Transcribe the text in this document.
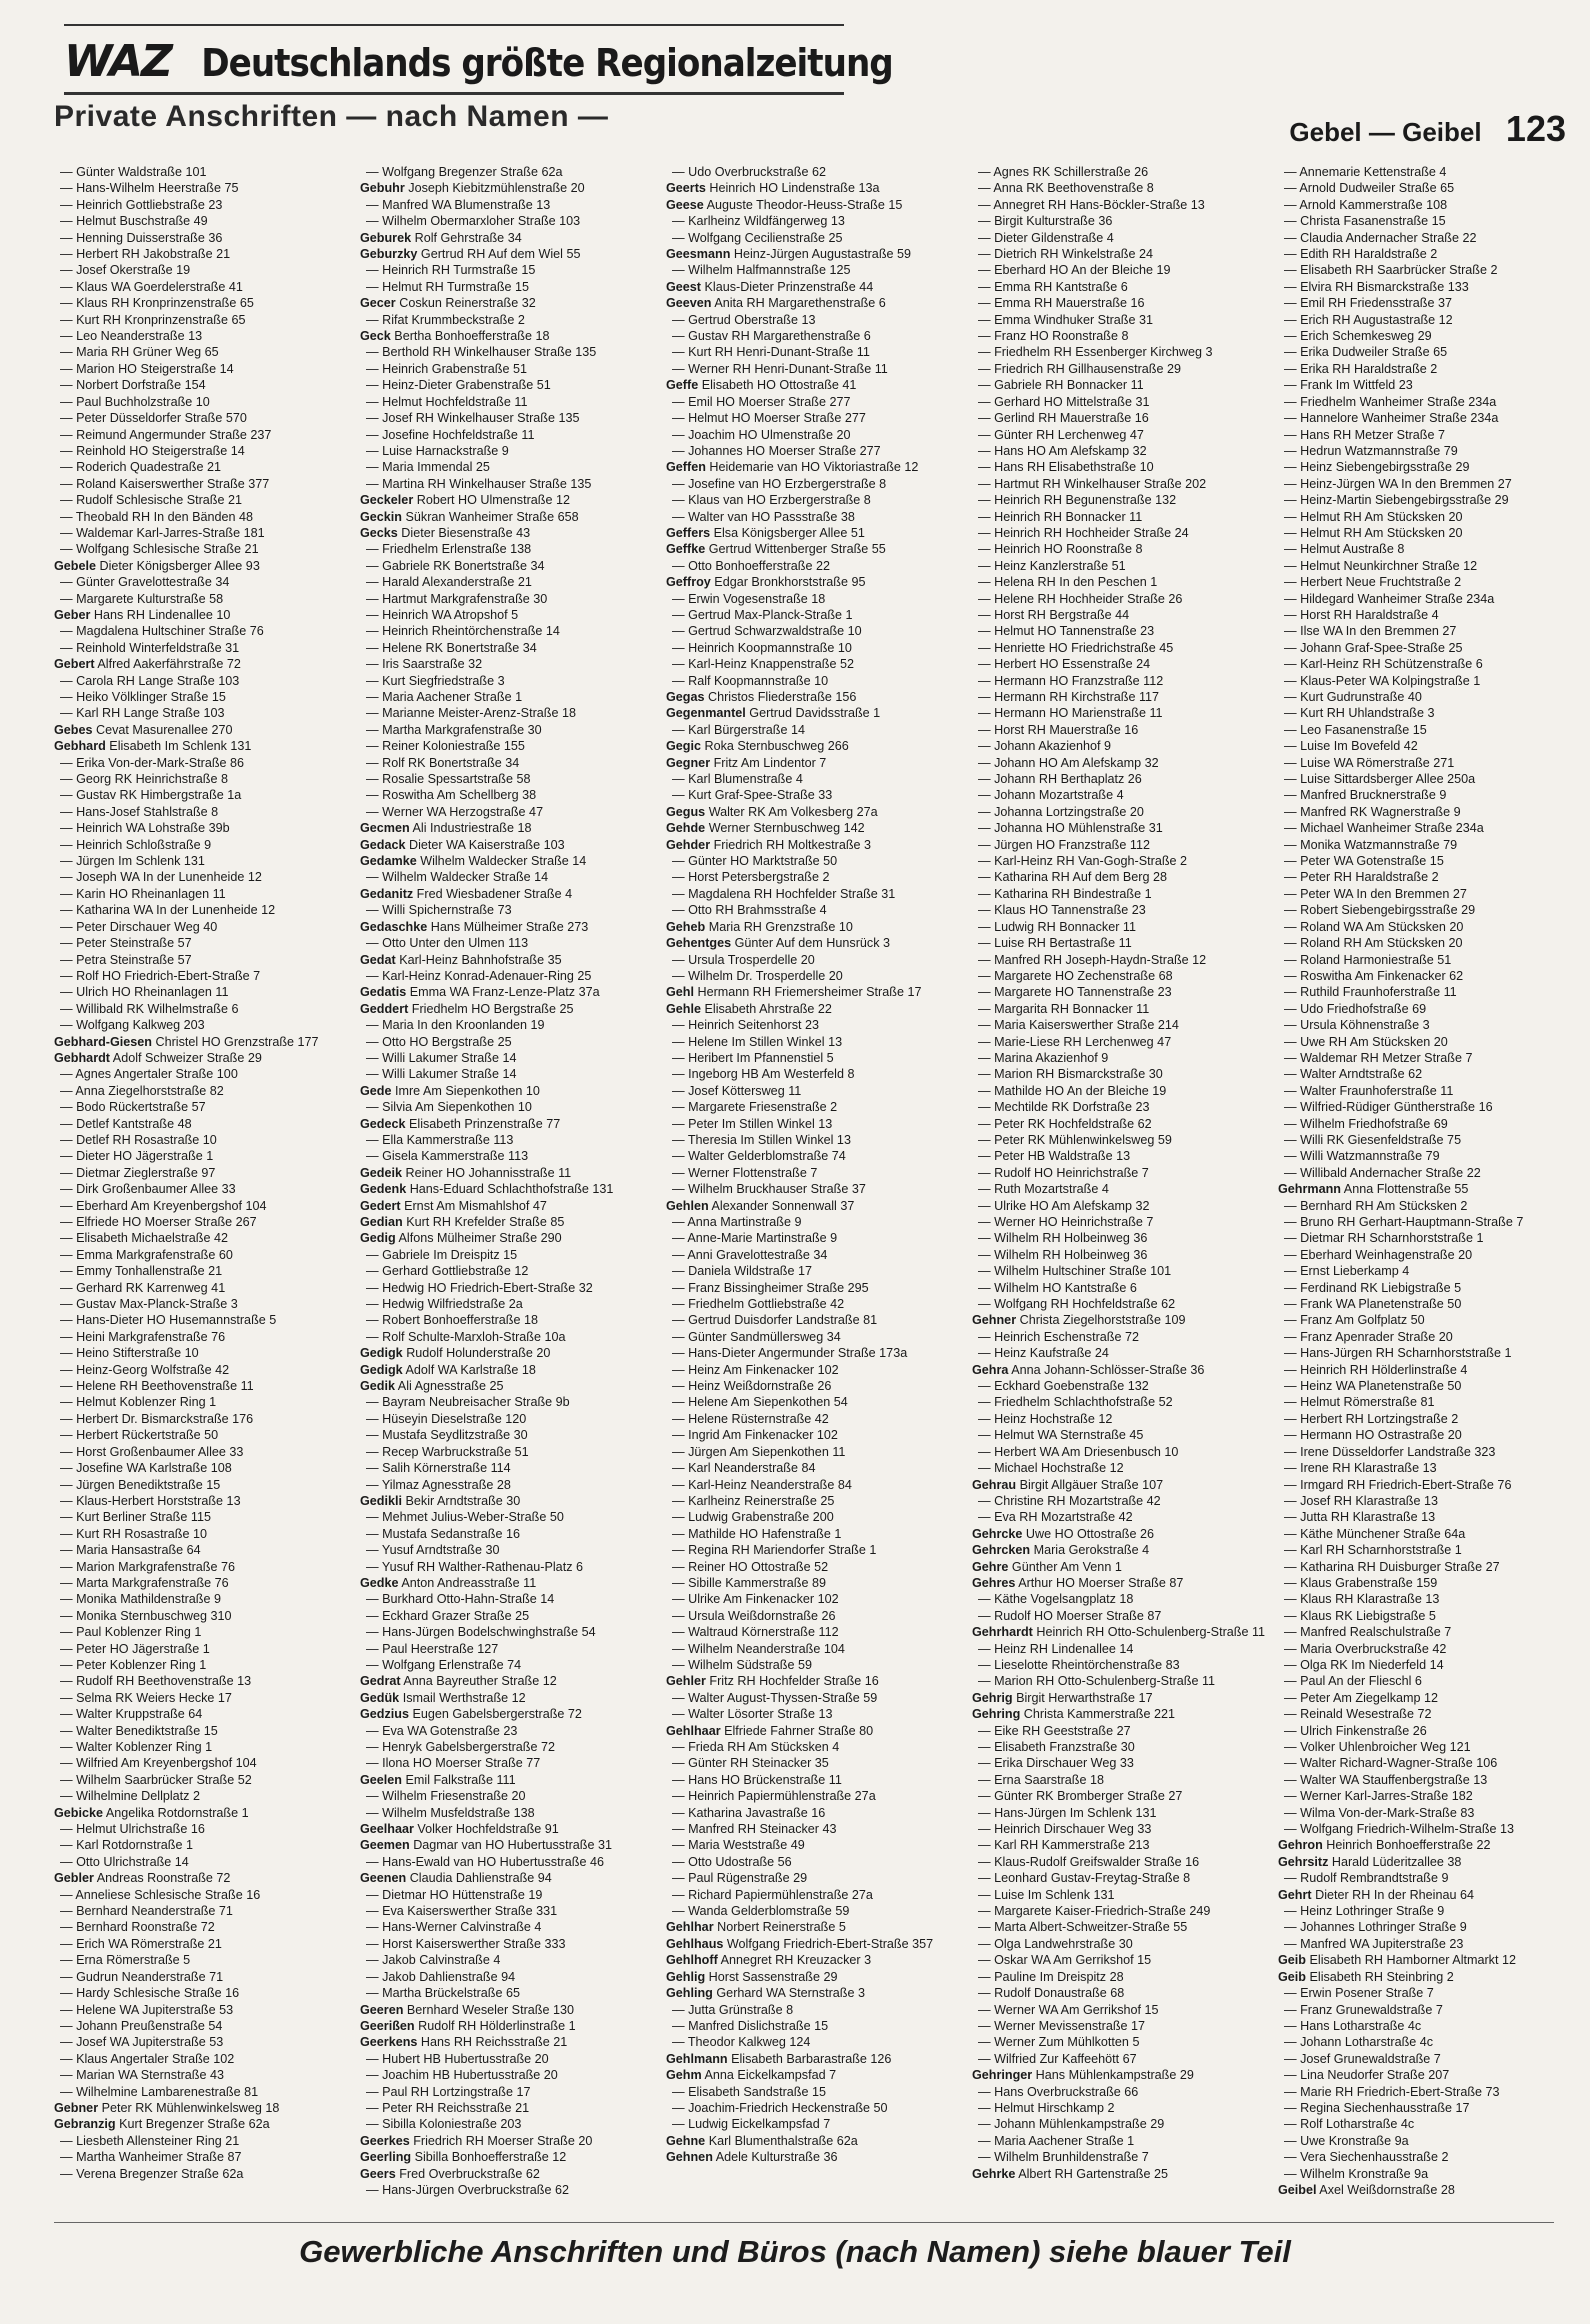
WAZ Deutschlands größte Regionalzeitung
Private Anschriften — nach Namen —	Gebel — Geibel 123
— Günter Waldstraße 101
— Hans-Wilhelm Heerstraße 75
— Heinrich Gottliebstraße 23
— Helmut Buschstraße 49
— Henning Duisserstraße 36
— Herbert RH Jakobstraße 21
— Josef Okerstraße 19
— Klaus WA Goerdelerstraße 41
— Klaus RH Kronprinzenstraße 65
— Kurt RH Kronprinzenstraße 65
— Leo Neanderstraße 13
— Maria RH Grüner Weg 65
— Marion HO Steigerstraße 14
— Norbert Dorfstraße 154
— Paul Buchholzstraße 10
— Peter Düsseldorfer Straße 570
— Reimund Angermunder Straße 237
— Reinhold HO Steigerstraße 14
— Roderich Quadestraße 21
— Roland Kaiserswerther Straße 377
— Rudolf Schlesische Straße 21
— Theobald RH In den Bänden 48
— Waldemar Karl-Jarres-Straße 181
— Wolfgang Schlesische Straße 21
Gebele Dieter Königsberger Allee 93
— Günter Gravelottestraße 34
— Margarete Kulturstraße 58
Geber Hans RH Lindenallee 10
— Magdalena Hultschiner Straße 76
— Reinhold Winterfeldstraße 31
Gebert Alfred Aakerfährstraße 72
— Carola RH Lange Straße 103
— Heiko Völklinger Straße 15
— Karl RH Lange Straße 103
Gebes Cevat Masurenallee 270
Gebhard Elisabeth Im Schlenk 131
— Erika Von-der-Mark-Straße 86
— Georg RK Heinrichstraße 8
— Gustav RK Himbergstraße 1a
— Hans-Josef Stahlstraße 8
— Heinrich WA Lohstraße 39b
— Heinrich Schloßstraße 9
— Jürgen Im Schlenk 131
— Joseph WA In der Lunenheide 12
— Karin HO Rheinanlagen 11
— Katharina WA In der Lunenheide 12
— Peter Dirschauer Weg 40
— Peter Steinstraße 57
— Petra Steinstraße 57
— Rolf HO Friedrich-Ebert-Straße 7
— Ulrich HO Rheinanlagen 11
— Willibald RK Wilhelmstraße 6
— Wolfgang Kalkweg 203
Gebhard-Giesen Christel HO Grenzstraße 177
Gebhardt Adolf Schweizer Straße 29
— Agnes Angertaler Straße 100
— Anna Ziegelhorststraße 82
— Bodo Rückertstraße 57
— Detlef Kantstraße 48
— Detlef RH Rosastraße 10
— Dieter HO Jägerstraße 1
— Dietmar Zieglerstraße 97
— Dirk Großenbaumer Allee 33
— Eberhard Am Kreyenbergshof 104
— Elfriede HO Moerser Straße 267
— Elisabeth Michaelstraße 42
— Emma Markgrafenstraße 60
— Emmy Tonhallenstraße 21
— Gerhard RK Karrenweg 41
— Gustav Max-Planck-Straße 3
— Hans-Dieter HO Husemannstraße 5
— Heini Markgrafenstraße 76
— Heino Stifterstraße 10
— Heinz-Georg Wolfstraße 42
— Helene RH Beethovenstraße 11
— Helmut Koblenzer Ring 1
— Herbert Dr. Bismarckstraße 176
— Herbert Rückertstraße 50
— Horst Großenbaumer Allee 33
— Josefine WA Karlstraße 108
— Jürgen Benediktstraße 15
— Klaus-Herbert Horststraße 13
— Kurt Berliner Straße 115
— Kurt RH Rosastraße 10
— Maria Hansastraße 64
— Marion Markgrafenstraße 76
— Marta Markgrafenstraße 76
— Monika Mathildenstraße 9
— Monika Sternbuschweg 310
— Paul Koblenzer Ring 1
— Peter HO Jägerstraße 1
— Peter Koblenzer Ring 1
— Rudolf RH Beethovenstraße 13
— Selma RK Weiers Hecke 17
— Walter Kruppstraße 64
— Walter Benediktstraße 15
— Walter Koblenzer Ring 1
— Wilfried Am Kreyenbergshof 104
— Wilhelm Saarbrücker Straße 52
— Wilhelmine Dellplatz 2
Gebicke Angelika Rotdornstraße 1
— Helmut Ulrichstraße 16
— Karl Rotdornstraße 1
— Otto Ulrichstraße 14
Gebler Andreas Roonstraße 72
— Anneliese Schlesische Straße 16
— Bernhard Neanderstraße 71
— Bernhard Roonstraße 72
— Erich WA Römerstraße 21
— Erna Römerstraße 5
— Gudrun Neanderstraße 71
— Hardy Schlesische Straße 16
— Helene WA Jupiterstraße 53
— Johann Preußenstraße 54
— Josef WA Jupiterstraße 53
— Klaus Angertaler Straße 102
— Marian WA Sternstraße 43
— Wilhelmine Lambarenestraße 81
Gebner Peter RK Mühlenwinkelsweg 18
Gebranzig Kurt Bregenzer Straße 62a
— Liesbeth Allensteiner Ring 21
— Martha Wanheimer Straße 87
— Verena Bregenzer Straße 62a
— Wolfgang Bregenzer Straße 62a
Gebuhr Joseph Kiebitzmühlenstraße 20
— Manfred WA Blumenstraße 13
— Wilhelm Obermarxloher Straße 103
Geburek Rolf Gehrstraße 34
Geburzky Gertrud RH Auf dem Wiel 55
— Heinrich RH Turmstraße 15
— Helmut RH Turmstraße 15
Gecer Coskun Reinerstraße 32
— Rifat Krummbeckstraße 2
Geck Bertha Bonhoefferstraße 18
— Berthold RH Winkelhauser Straße 135
— Heinrich Grabenstraße 51
— Heinz-Dieter Grabenstraße 51
— Helmut Hochfeldstraße 11
— Josef RH Winkelhauser Straße 135
— Josefine Hochfeldstraße 11
— Luise Harnackstraße 9
— Maria Immendal 25
— Martina RH Winkelhauser Straße 135
Geckeler Robert HO Ulmenstraße 12
Geckin Sükran Wanheimer Straße 658
Gecks Dieter Biesenstraße 43
— Friedhelm Erlenstraße 138
— Gabriele RK Bonertstraße 34
— Harald Alexanderstraße 21
— Hartmut Markgrafenstraße 30
— Heinrich WA Atropshof 5
— Heinrich Rheintörchenstraße 14
— Helene RK Bonertstraße 34
— Iris Saarstraße 32
— Kurt Siegfriedstraße 3
— Maria Aachener Straße 1
— Marianne Meister-Arenz-Straße 18
— Martha Markgrafenstraße 30
— Reiner Koloniestraße 155
— Rolf RK Bonertstraße 34
— Rosalie Spessartstraße 58
— Roswitha Am Schellberg 38
— Werner WA Herzogstraße 47
Gecmen Ali Industriestraße 18
Gedack Dieter WA Kaiserstraße 103
Gedamke Wilhelm Waldecker Straße 14
— Wilhelm Waldecker Straße 14
Gedanitz Fred Wiesbadener Straße 4
— Willi Spichernstraße 73
Gedaschke Hans Mülheimer Straße 273
— Otto Unter den Ulmen 113
Gedat Karl-Heinz Bahnhofstraße 35
— Karl-Heinz Konrad-Adenauer-Ring 25
Gedatis Emma WA Franz-Lenze-Platz 37a
Geddert Friedhelm HO Bergstraße 25
— Maria In den Kroonlanden 19
— Otto HO Bergstraße 25
— Willi Lakumer Straße 14
— Willi Lakumer Straße 14
Gede Imre Am Siepenkothen 10
— Silvia Am Siepenkothen 10
Gedeck Elisabeth Prinzenstraße 77
— Ella Kammerstraße 113
— Gisela Kammerstraße 113
Gedeik Reiner HO Johannisstraße 11
Gedenk Hans-Eduard Schlachthofstraße 131
Gedert Ernst Am Mismahlshof 47
Gedian Kurt RH Krefelder Straße 85
Gedig Alfons Mülheimer Straße 290
— Gabriele Im Dreispitz 15
— Gerhard Gottliebstraße 12
— Hedwig HO Friedrich-Ebert-Straße 32
— Hedwig Wilfriedstraße 2a
— Robert Bonhoefferstraße 18
— Rolf Schulte-Marxloh-Straße 10a
Gedigk Rudolf Holunderstraße 20
Gedigk Adolf WA Karlstraße 18
Gedik Ali Agnesstraße 25
— Bayram Neubreisacher Straße 9b
— Hüseyin Dieselstraße 120
— Mustafa Seydlitzstraße 30
— Recep Warbruckstraße 51
— Salih Körnerstraße 114
— Yilmaz Agnesstraße 28
Gedikli Bekir Arndtstraße 30
— Mehmet Julius-Weber-Straße 50
— Mustafa Sedanstraße 16
— Yusuf Arndtstraße 30
— Yusuf RH Walther-Rathenau-Platz 6
Gedke Anton Andreasstraße 11
— Burkhard Otto-Hahn-Straße 14
— Eckhard Grazer Straße 25
— Hans-Jürgen Bodelschwinghstraße 54
— Paul Heerstraße 127
— Wolfgang Erlenstraße 74
Gedrat Anna Bayreuther Straße 12
Gedük Ismail Werthstraße 12
Gedzius Eugen Gabelsbergerstraße 72
— Eva WA Gotenstraße 23
— Henryk Gabelsbergerstraße 72
— Ilona HO Moerser Straße 77
Geelen Emil Falkstraße 111
— Wilhelm Friesenstraße 20
— Wilhelm Musfeldstraße 138
Geelhaar Volker Hochfeldstraße 91
Geemen Dagmar van HO Hubertusstraße 31
— Hans-Ewald van HO Hubertusstraße 46
Geenen Claudia Dahlienstraße 94
— Dietmar HO Hüttenstraße 19
— Eva Kaiserswerther Straße 331
— Hans-Werner Calvinstraße 4
— Horst Kaiserswerther Straße 333
— Jakob Calvinstraße 4
— Jakob Dahlienstraße 94
— Martha Brückelstraße 65
Geeren Bernhard Weseler Straße 130
Geerißen Rudolf RH Hölderlinstraße 1
Geerkens Hans RH Reichsstraße 21
— Hubert HB Hubertusstraße 20
— Joachim HB Hubertusstraße 20
— Paul RH Lortzingstraße 17
— Peter RH Reichsstraße 21
— Sibilla Koloniestraße 203
Geerkes Friedrich RH Moerser Straße 20
Geerling Sibilla Bonhoefferstraße 12
Geers Fred Overbruckstraße 62
— Hans-Jürgen Overbruckstraße 62
— Udo Overbruckstraße 62
Geerts Heinrich HO Lindenstraße 13a
Geese Auguste Theodor-Heuss-Straße 15
— Karlheinz Wildfängerweg 13
— Wolfgang Cecilienstraße 25
Geesmann Heinz-Jürgen Augustastraße 59
— Wilhelm Halfmannstraße 125
Geest Klaus-Dieter Prinzenstraße 44
Geeven Anita RH Margarethenstraße 6
— Gertrud Oberstraße 13
— Gustav RH Margarethenstraße 6
— Kurt RH Henri-Dunant-Straße 11
— Werner RH Henri-Dunant-Straße 11
Geffe Elisabeth HO Ottostraße 41
— Emil HO Moerser Straße 277
— Helmut HO Moerser Straße 277
— Joachim HO Ulmenstraße 20
— Johannes HO Moerser Straße 277
Geffen Heidemarie van HO Viktoriastraße 12
— Josefine van HO Erzbergerstraße 8
— Klaus van HO Erzbergerstraße 8
— Walter van HO Passstraße 38
Geffers Elsa Königsberger Allee 51
Geffke Gertrud Wittenberger Straße 55
— Otto Bonhoefferstraße 22
Geffroy Edgar Bronkhorststraße 95
— Erwin Vogesenstraße 18
— Gertrud Max-Planck-Straße 1
— Gertrud Schwarzwaldstraße 10
— Heinrich Koopmannstraße 10
— Karl-Heinz Knappenstraße 52
— Ralf Koopmannstraße 10
Gegas Christos Fliederstraße 156
Gegenmantel Gertrud Davidsstraße 1
— Karl Bürgerstraße 14
Gegic Roka Sternbuschweg 266
Gegner Fritz Am Lindentor 7
— Karl Blumenstraße 4
— Kurt Graf-Spee-Straße 33
Gegus Walter RK Am Volkesberg 27a
Gehde Werner Sternbuschweg 142
Gehder Friedrich RH Moltkestraße 3
— Günter HO Marktstraße 50
— Horst Petersbergstraße 2
— Magdalena RH Hochfelder Straße 31
— Otto RH Brahmsstraße 4
Geheb Maria RH Grenzstraße 10
Gehentges Günter Auf dem Hunsrück 3
— Ursula Trosperdelle 20
— Wilhelm Dr. Trosperdelle 20
Gehl Hermann RH Friemersheimer Straße 17
Gehle Elisabeth Ahrstraße 22
— Heinrich Seitenhorst 23
— Helene Im Stillen Winkel 13
— Heribert Im Pfannenstiel 5
— Ingeborg HB Am Westerfeld 8
— Josef Köttersweg 11
— Margarete Friesenstraße 2
— Peter Im Stillen Winkel 13
— Theresia Im Stillen Winkel 13
— Walter Gelderblomstraße 74
— Werner Flottenstraße 7
— Wilhelm Bruckhauser Straße 37
Gehlen Alexander Sonnenwall 37
— Anna Martinstraße 9
— Anne-Marie Martinstraße 9
— Anni Gravelottestraße 34
— Daniela Wildstraße 17
— Franz Bissingheimer Straße 295
— Friedhelm Gottliebstraße 42
— Gertrud Duisdorfer Landstraße 81
— Günter Sandmüllersweg 34
— Hans-Dieter Angermunder Straße 173a
— Heinz Am Finkenacker 102
— Heinz Weißdornstraße 26
— Helene Am Siepenkothen 54
— Helene Rüsternstraße 42
— Ingrid Am Finkenacker 102
— Jürgen Am Siepenkothen 11
— Karl Neanderstraße 84
— Karl-Heinz Neanderstraße 84
— Karlheinz Reinerstraße 25
— Ludwig Grabenstraße 200
— Mathilde HO Hafenstraße 1
— Regina RH Mariendorfer Straße 1
— Reiner HO Ottostraße 52
— Sibille Kammerstraße 89
— Ulrike Am Finkenacker 102
— Ursula Weißdornstraße 26
— Waltraud Körnerstraße 112
— Wilhelm Neanderstraße 104
— Wilhelm Südstraße 59
Gehler Fritz RH Hochfelder Straße 16
— Walter August-Thyssen-Straße 59
— Walter Lösorter Straße 13
Gehlhaar Elfriede Fahrner Straße 80
— Frieda RH Am Stücksken 4
— Günter RH Steinacker 35
— Hans HO Brückenstraße 11
— Heinrich Papiermühlenstraße 27a
— Katharina Javastraße 16
— Manfred RH Steinacker 43
— Maria Weststraße 49
— Otto Udostraße 56
— Paul Rügenstraße 29
— Richard Papiermühlenstraße 27a
— Wanda Gelderblomstraße 59
Gehlhar Norbert Reinerstraße 5
Gehlhaus Wolfgang Friedrich-Ebert-Straße 357
Gehlhoff Annegret RH Kreuzacker 3
Gehlig Horst Sassenstraße 29
Gehling Gerhard WA Sternstraße 3
— Jutta Grünstraße 8
— Manfred Dislichstraße 15
— Theodor Kalkweg 124
Gehlmann Elisabeth Barbarastraße 126
Gehm Anna Eickelkampsfad 7
— Elisabeth Sandstraße 15
— Joachim-Friedrich Heckenstraße 50
— Ludwig Eickelkampsfad 7
Gehne Karl Blumenthalstraße 62a
Gehnen Adele Kulturstraße 36
— Agnes RK Schillerstraße 26
— Anna RK Beethovenstraße 8
— Annegret RH Hans-Böckler-Straße 13
— Birgit Kulturstraße 36
— Dieter Gildenstraße 4
— Dietrich RH Winkelstraße 24
— Eberhard HO An der Bleiche 19
— Emma RH Kantstraße 6
— Emma RH Mauerstraße 16
— Emma Windhuker Straße 31
— Franz HO Roonstraße 8
— Friedhelm RH Essenberger Kirchweg 3
— Friedrich RH Gillhausenstraße 29
— Gabriele RH Bonnacker 11
— Gerhard HO Mittelstraße 31
— Gerlind RH Mauerstraße 16
— Günter RH Lerchenweg 47
— Hans HO Am Alefskamp 32
— Hans RH Elisabethstraße 10
— Hartmut RH Winkelhauser Straße 202
— Heinrich RH Begunenstraße 132
— Heinrich RH Bonnacker 11
— Heinrich RH Hochheider Straße 24
— Heinrich HO Roonstraße 8
— Heinz Kanzlerstraße 51
— Helena RH In den Peschen 1
— Helene RH Hochheider Straße 26
— Horst RH Bergstraße 44
— Helmut HO Tannenstraße 23
— Henriette HO Friedrichstraße 45
— Herbert HO Essenstraße 24
— Hermann HO Franzstraße 112
— Hermann RH Kirchstraße 117
— Hermann HO Marienstraße 11
— Horst RH Mauerstraße 16
— Johann Akazienhof 9
— Johann HO Am Alefskamp 32
— Johann RH Berthaplatz 26
— Johann Mozartstraße 4
— Johanna Lortzingstraße 20
— Johanna HO Mühlenstraße 31
— Jürgen HO Franzstraße 112
— Karl-Heinz RH Van-Gogh-Straße 2
— Katharina RH Auf dem Berg 28
— Katharina RH Bindestraße 1
— Klaus HO Tannenstraße 23
— Ludwig RH Bonnacker 11
— Luise RH Bertastraße 11
— Manfred RH Joseph-Haydn-Straße 12
— Margarete HO Zechenstraße 68
— Margarete HO Tannenstraße 23
— Margarita RH Bonnacker 11
— Maria Kaiserswerther Straße 214
— Marie-Liese RH Lerchenweg 47
— Marina Akazienhof 9
— Marion RH Bismarckstraße 30
— Mathilde HO An der Bleiche 19
— Mechtilde RK Dorfstraße 23
— Peter RK Hochfeldstraße 62
— Peter RK Mühlenwinkelsweg 59
— Peter HB Waldstraße 13
— Rudolf HO Heinrichstraße 7
— Ruth Mozartstraße 4
— Ulrike HO Am Alefskamp 32
— Werner HO Heinrichstraße 7
— Wilhelm RH Holbeinweg 36
— Wilhelm RH Holbeinweg 36
— Wilhelm Hultschiner Straße 101
— Wilhelm HO Kantstraße 6
— Wolfgang RH Hochfeldstraße 62
Gehner Christa Ziegelhorststraße 109
— Heinrich Eschenstraße 72
— Heinz Kaufstraße 24
Gehra Anna Johann-Schlösser-Straße 36
— Eckhard Goebenstraße 132
— Friedhelm Schlachthofstraße 52
— Heinz Hochstraße 12
— Helmut WA Sternstraße 45
— Herbert WA Am Driesenbusch 10
— Michael Hochstraße 12
Gehrau Birgit Allgäuer Straße 107
— Christine RH Mozartstraße 42
— Eva RH Mozartstraße 42
Gehrcke Uwe HO Ottostraße 26
Gehrcken Maria Gerokstraße 4
Gehre Günther Am Venn 1
Gehres Arthur HO Moerser Straße 87
— Käthe Vogelsangplatz 18
— Rudolf HO Moerser Straße 87
Gehrhardt Heinrich RH Otto-Schulenberg-Straße 11
— Heinz RH Lindenallee 14
— Lieselotte Rheintörchenstraße 83
— Marion RH Otto-Schulenberg-Straße 11
Gehrig Birgit Herwarthstraße 17
Gehring Christa Kammerstraße 221
— Eike RH Geeststraße 27
— Elisabeth Franzstraße 30
— Erika Dirschauer Weg 33
— Erna Saarstraße 18
— Günter RK Bromberger Straße 27
— Hans-Jürgen Im Schlenk 131
— Heinrich Dirschauer Weg 33
— Karl RH Kammerstraße 213
— Klaus-Rudolf Greifswalder Straße 16
— Leonhard Gustav-Freytag-Straße 8
— Luise Im Schlenk 131
— Margarete Kaiser-Friedrich-Straße 249
— Marta Albert-Schweitzer-Straße 55
— Olga Landwehrstraße 30
— Oskar WA Am Gerrikshof 15
— Pauline Im Dreispitz 28
— Rudolf Donaustraße 68
— Werner WA Am Gerrikshof 15
— Werner Mevissenstraße 17
— Werner Zum Mühlkotten 5
— Wilfried Zur Kaffeehött 67
Gehringer Hans Mühlenkampstraße 29
— Hans Overbruckstraße 66
— Helmut Hirschkamp 2
— Johann Mühlenkampstraße 29
— Maria Aachener Straße 1
— Wilhelm Brunhildenstraße 7
Gehrke Albert RH Gartenstraße 25
— Annemarie Kettenstraße 4
— Arnold Dudweiler Straße 65
— Arnold Kammerstraße 108
— Christa Fasanenstraße 15
— Claudia Andernacher Straße 22
— Edith RH Haraldstraße 2
— Elisabeth RH Saarbrücker Straße 2
— Elvira RH Bismarckstraße 133
— Emil RH Friedensstraße 37
— Erich RH Augustastraße 12
— Erich Schemkesweg 29
— Erika Dudweiler Straße 65
— Erika RH Haraldstraße 2
— Frank Im Wittfeld 23
— Friedhelm Wanheimer Straße 234a
— Hannelore Wanheimer Straße 234a
— Hans RH Metzer Straße 7
— Hedrun Watzmannstraße 79
— Heinz Siebengebirgsstraße 29
— Heinz-Jürgen WA In den Bremmen 27
— Heinz-Martin Siebengebirgsstraße 29
— Helmut RH Am Stücksken 20
— Helmut RH Am Stücksken 20
— Helmut Austraße 8
— Helmut Neunkirchner Straße 12
— Herbert Neue Fruchtstraße 2
— Hildegard Wanheimer Straße 234a
— Horst RH Haraldstraße 4
— Ilse WA In den Bremmen 27
— Johann Graf-Spee-Straße 25
— Karl-Heinz RH Schützenstraße 6
— Klaus-Peter WA Kolpingstraße 1
— Kurt Gudrunstraße 40
— Kurt RH Uhlandstraße 3
— Leo Fasanenstraße 15
— Luise Im Bovefeld 42
— Luise WA Römerstraße 271
— Luise Sittardsberger Allee 250a
— Manfred Brucknerstraße 9
— Manfred RK Wagnerstraße 9
— Michael Wanheimer Straße 234a
— Monika Watzmannstraße 79
— Peter WA Gotenstraße 15
— Peter RH Haraldstraße 2
— Peter WA In den Bremmen 27
— Robert Siebengebirgsstraße 29
— Roland WA Am Stücksken 20
— Roland RH Am Stücksken 20
— Roland Harmoniestraße 51
— Roswitha Am Finkenacker 62
— Ruthild Fraunhoferstraße 11
— Udo Friedhofstraße 69
— Ursula Köhnenstraße 3
— Uwe RH Am Stücksken 20
— Waldemar RH Metzer Straße 7
— Walter Arndtstraße 62
— Walter Fraunhoferstraße 11
— Wilfried-Rüdiger Güntherstraße 16
— Wilhelm Friedhofstraße 69
— Willi RK Giesenfeldstraße 75
— Willi Watzmannstraße 79
— Willibald Andernacher Straße 22
Gehrmann Anna Flottenstraße 55
— Bernhard RH Am Stücksken 2
— Bruno RH Gerhart-Hauptmann-Straße 7
— Dietmar RH Scharnhorststraße 1
— Eberhard Weinhagenstraße 20
— Ernst Lieberkamp 4
— Ferdinand RK Liebigstraße 5
— Frank WA Planetenstraße 50
— Franz Am Golfplatz 50
— Franz Apenrader Straße 20
— Hans-Jürgen RH Scharnhorststraße 1
— Heinrich RH Hölderlinstraße 4
— Heinz WA Planetenstraße 50
— Helmut Römerstraße 81
— Herbert RH Lortzingstraße 2
— Hermann HO Ostrastraße 20
— Irene Düsseldorfer Landstraße 323
— Irene RH Klarastraße 13
— Irmgard RH Friedrich-Ebert-Straße 76
— Josef RH Klarastraße 13
— Jutta RH Klarastraße 13
— Käthe Münchener Straße 64a
— Karl RH Scharnhorststraße 1
— Katharina RH Duisburger Straße 27
— Klaus Grabenstraße 159
— Klaus RH Klarastraße 13
— Klaus RK Liebigstraße 5
— Manfred Realschulstraße 7
— Maria Overbruckstraße 42
— Olga RK Im Niederfeld 14
— Paul An der Flieschl 6
— Peter Am Ziegelkamp 12
— Reinald Wesestraße 72
— Ulrich Finkenstraße 26
— Volker Uhlenbroicher Weg 121
— Walter Richard-Wagner-Straße 106
— Walter WA Stauffenbergstraße 13
— Werner Karl-Jarres-Straße 182
— Wilma Von-der-Mark-Straße 83
— Wolfgang Friedrich-Wilhelm-Straße 13
Gehron Heinrich Bonhoefferstraße 22
Gehrsitz Harald Lüderitzallee 38
— Rudolf Rembrandtstraße 9
Gehrt Dieter RH In der Rheinau 64
— Heinz Lothringer Straße 9
— Johannes Lothringer Straße 9
— Manfred WA Jupiterstraße 23
Geib Elisabeth RH Hamborner Altmarkt 12
Geib Elisabeth RH Steinbring 2
— Erwin Posener Straße 7
— Franz Grunewaldstraße 7
— Hans Lotharstraße 4c
— Johann Lotharstraße 4c
— Josef Grunewaldstraße 7
— Lina Neudorfer Straße 207
— Marie RH Friedrich-Ebert-Straße 73
— Regina Siechenhausstraße 17
— Rolf Lotharstraße 4c
— Uwe Kronstraße 9a
— Vera Siechenhausstraße 2
— Wilhelm Kronstraße 9a
Geibel Axel Weißdornstraße 28
Gewerbliche Anschriften und Büros (nach Namen) siehe blauer Teil
